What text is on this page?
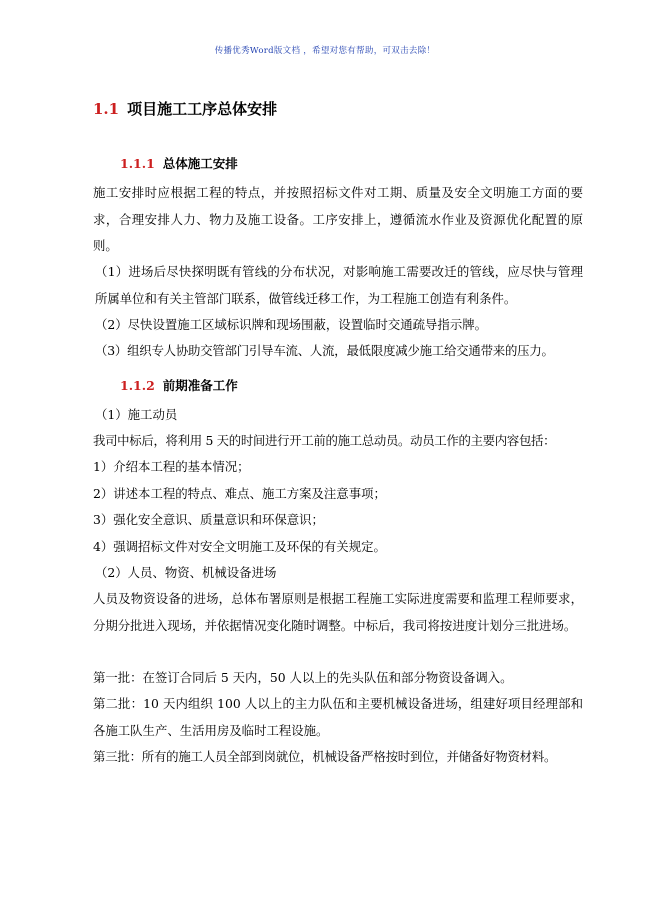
传播优秀Word版文档 ，希望对您有帮助，可双击去除！
1.1 项目施工工序总体安排
1.1.1 总体施工安排
施工安排时应根据工程的特点，并按照招标文件对工期、质量及安全文明施工方面的要求，合理安排人力、物力及施工设备。工序安排上，遵循流水作业及资源优化配置的原则。
（1）进场后尽快探明既有管线的分布状况，对影响施工需要改迁的管线，应尽快与管理所属单位和有关主管部门联系，做管线迁移工作，为工程施工创造有利条件。
（2）尽快设置施工区域标识牌和现场围蔽，设置临时交通疏导指示牌。
（3）组织专人协助交管部门引导车流、人流，最低限度减少施工给交通带来的压力。
1.1.2 前期准备工作
（1）施工动员
我司中标后，将利用 5 天的时间进行开工前的施工总动员。动员工作的主要内容包括：
1）介绍本工程的基本情况；
2）讲述本工程的特点、难点、施工方案及注意事项；
3）强化安全意识、质量意识和环保意识；
4）强调招标文件对安全文明施工及环保的有关规定。
（2）人员、物资、机械设备进场
人员及物资设备的进场，总体布署原则是根据工程施工实际进度需要和监理工程师要求，分期分批进入现场，并依据情况变化随时调整。中标后，我司将按进度计划分三批进场。
第一批：在签订合同后 5 天内，50 人以上的先头队伍和部分物资设备调入。
第二批：10 天内组织 100 人以上的主力队伍和主要机械设备进场，组建好项目经理部和各施工队生产、生活用房及临时工程设施。
第三批：所有的施工人员全部到岗就位，机械设备严格按时到位，并储备好物资材料。
